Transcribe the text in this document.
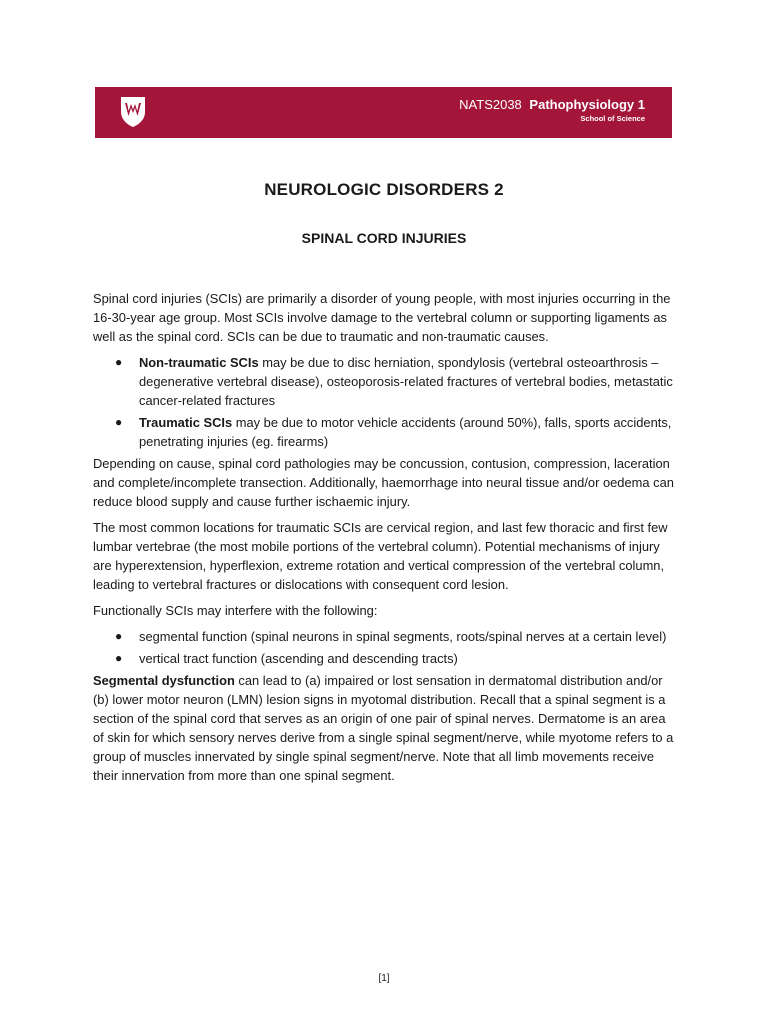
NATS2038 Pathophysiology 1
School of Science
NEUROLOGIC DISORDERS 2
SPINAL CORD INJURIES

Spinal cord injuries (SCIs) are primarily a disorder of young people, with most injuries occurring in the 16-30-year age group. Most SCIs involve damage to the vertebral column or supporting ligaments as well as the spinal cord. SCIs can be due to traumatic and non-traumatic causes.

● Non-traumatic SCIs may be due to disc herniation, spondylosis (vertebral osteoarthrosis – degenerative vertebral disease), osteoporosis-related fractures of vertebral bodies, metastatic cancer-related fractures
● Traumatic SCIs may be due to motor vehicle accidents (around 50%), falls, sports accidents, penetrating injuries (eg. firearms)

Depending on cause, spinal cord pathologies may be concussion, contusion, compression, laceration and complete/incomplete transection. Additionally, haemorrhage into neural tissue and/or oedema can reduce blood supply and cause further ischaemic injury.

The most common locations for traumatic SCIs are cervical region, and last few thoracic and first few lumbar vertebrae (the most mobile portions of the vertebral column). Potential mechanisms of injury are hyperextension, hyperflexion, extreme rotation and vertical compression of the vertebral column, leading to vertebral fractures or dislocations with consequent cord lesion.

Functionally SCIs may interfere with the following:

● segmental function (spinal neurons in spinal segments, roots/spinal nerves at a certain level)
● vertical tract function (ascending and descending tracts)

Segmental dysfunction can lead to (a) impaired or lost sensation in dermatomal distribution and/or (b) lower motor neuron (LMN) lesion signs in myotomal distribution. Recall that a spinal segment is a section of the spinal cord that serves as an origin of one pair of spinal nerves. Dermatome is an area of skin for which sensory nerves derive from a single spinal segment/nerve, while myotome refers to a group of muscles innervated by single spinal segment/nerve. Note that all limb movements receive their innervation from more than one spinal segment.

[1]
